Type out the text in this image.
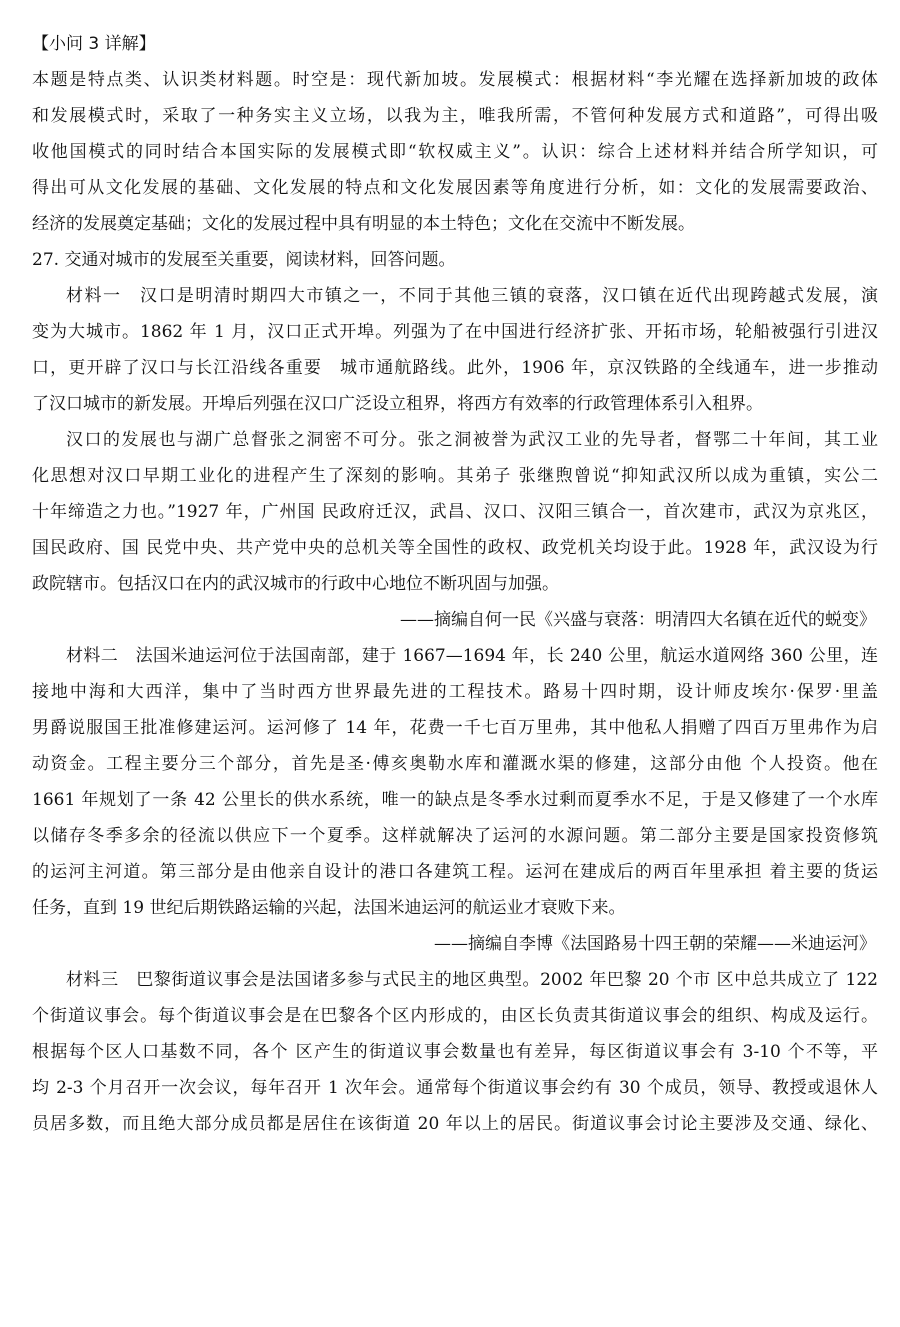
【小问 3 详解】

本题是特点类、认识类材料题。时空是：现代新加坡。发展模式：根据材料“李光耀在选择新加坡的政体

和发展模式时，采取了一种务实主义立场，以我为主，唯我所需，不管何种发展方式和道路”，可得出吸

收他国模式的同时结合本国实际的发展模式即“软权威主义”。认识：综合上述材料并结合所学知识，可

得出可从文化发展的基础、文化发展的特点和文化发展因素等角度进行分析，如：文化的发展需要政治、

经济的发展奠定基础；文化的发展过程中具有明显的本土特色；文化在交流中不断发展。

27. 交通对城市的发展至关重要，阅读材料，回答问题。

材料一　汉口是明清时期四大市镇之一，不同于其他三镇的衰落，汉口镇在近代出现跨越式发展，演

变为大城市。1862 年 1 月，汉口正式开埠。列强为了在中国进行经济扩张、开拓市场，轮船被强行引进汉

口，更开辟了汉口与长江沿线各重要　城市通航路线。此外，1906 年，京汉铁路的全线通车，进一步推动

了汉口城市的新发展。开埠后列强在汉口广泛设立租界，将西方有效率的行政管理体系引入租界。

汉口的发展也与湖广总督张之洞密不可分。张之洞被誉为武汉工业的先导者，督鄂二十年间，其工业

化思想对汉口早期工业化的进程产生了深刻的影响。其弟子 张继煦曾说“抑知武汉所以成为重镇，实公二

十年缔造之力也。”1927 年，广州国 民政府迁汉，武昌、汉口、汉阳三镇合一，首次建市，武汉为京兆区，

国民政府、国 民党中央、共产党中央的总机关等全国性的政权、政党机关均设于此。1928 年，武汉设为行

政院辖市。包括汉口在内的武汉城市的行政中心地位不断巩固与加强。

——摘编自何一民《兴盛与衰落：明清四大名镇在近代的蜕变》

材料二　法国米迪运河位于法国南部，建于 1667—1694 年，长 240 公里，航运水道网络 360 公里，连

接地中海和大西洋，集中了当时西方世界最先进的工程技术。路易十四时期，设计师皮埃尔·保罗·里盖

男爵说服国王批准修建运河。运河修了 14 年，花费一千七百万里弗，其中他私人捐赠了四百万里弗作为启

动资金。工程主要分三个部分，首先是圣·傅亥奥勒水库和灌溉水渠的修建，这部分由他 个人投资。他在

1661 年规划了一条 42 公里长的供水系统，唯一的缺点是冬季水过剩而夏季水不足，于是又修建了一个水库

以储存冬季多余的径流以供应下一个夏季。这样就解决了运河的水源问题。第二部分主要是国家投资修筑

的运河主河道。第三部分是由他亲自设计的港口各建筑工程。运河在建成后的两百年里承担 着主要的货运

任务，直到 19 世纪后期铁路运输的兴起，法国米迪运河的航运业才衰败下来。

——摘编自李博《法国路易十四王朝的荣耀——米迪运河》

材料三　巴黎街道议事会是法国诸多参与式民主的地区典型。2002 年巴黎 20 个市 区中总共成立了 122

个街道议事会。每个街道议事会是在巴黎各个区内形成的，由区长负责其街道议事会的组织、构成及运行。

根据每个区人口基数不同，各个 区产生的街道议事会数量也有差异，每区街道议事会有 3-10 个不等，平

均 2-3 个月召开一次会议，每年召开 1 次年会。通常每个街道议事会约有 30 个成员，领导、教授或退休人

员居多数，而且绝大部分成员都是居住在该街道 20 年以上的居民。街道议事会讨论主要涉及交通、绿化、
